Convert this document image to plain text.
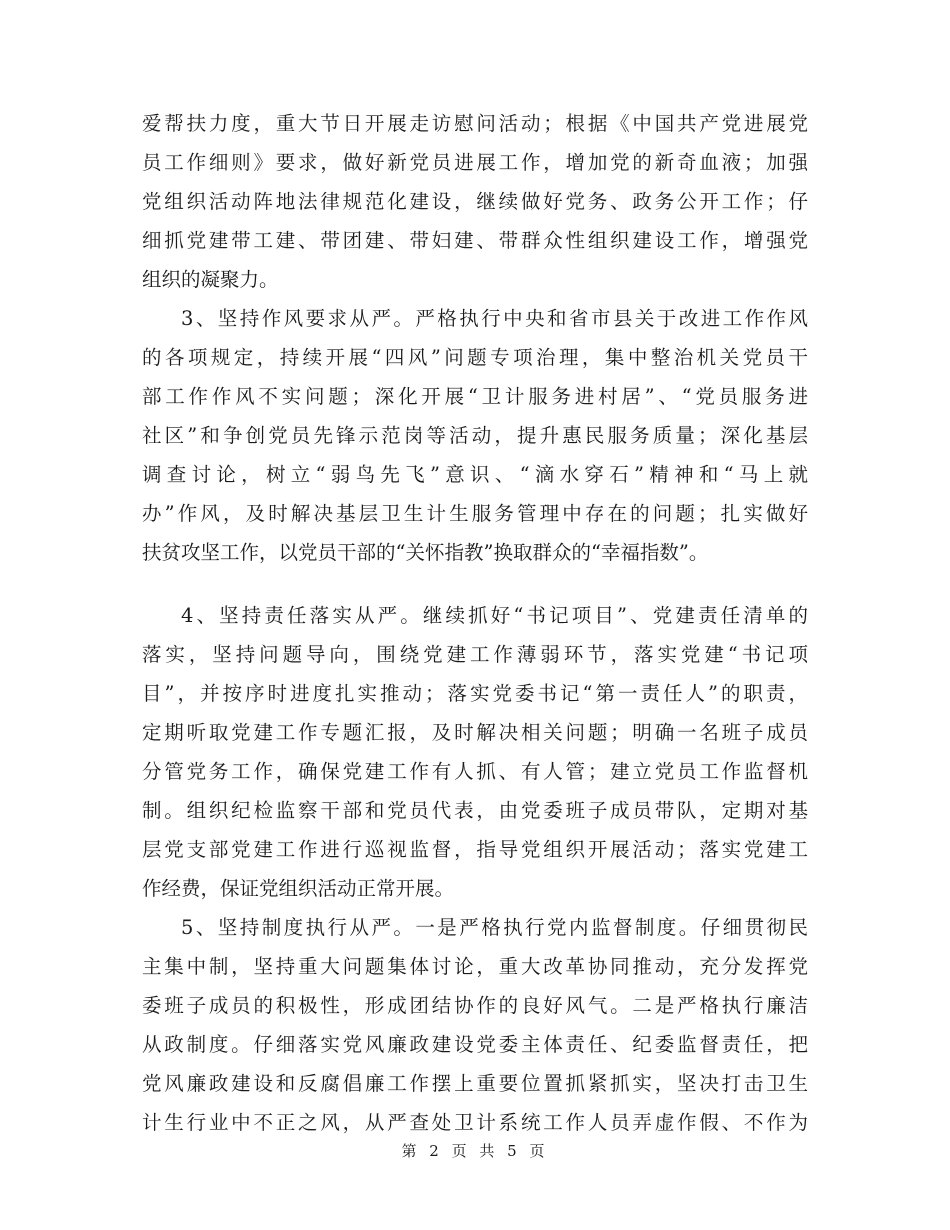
爱帮扶力度，重大节日开展走访慰问活动；根据《中国共产党进展党
员工作细则》要求，做好新党员进展工作，增加党的新奇血液；加强
党组织活动阵地法律规范化建设，继续做好党务、政务公开工作；仔
细抓党建带工建、带团建、带妇建、带群众性组织建设工作，增强党
组织的凝聚力。
3、坚持作风要求从严。严格执行中央和省市县关于改进工作作风
的各项规定，持续开展“四风”问题专项治理，集中整治机关党员干
部工作作风不实问题；深化开展“卫计服务进村居”、“党员服务进
社区”和争创党员先锋示范岗等活动，提升惠民服务质量；深化基层
调查讨论，树立“弱鸟先飞”意识、“滴水穿石”精神和“马上就
办”作风，及时解决基层卫生计生服务管理中存在的问题；扎实做好
扶贫攻坚工作，以党员干部的“关怀指教”换取群众的“幸福指数”。
4、坚持责任落实从严。继续抓好“书记项目”、党建责任清单的
落实，坚持问题导向，围绕党建工作薄弱环节，落实党建“书记项
目”，并按序时进度扎实推动；落实党委书记“第一责任人”的职责，
定期听取党建工作专题汇报，及时解决相关问题；明确一名班子成员
分管党务工作，确保党建工作有人抓、有人管；建立党员工作监督机
制。组织纪检监察干部和党员代表，由党委班子成员带队，定期对基
层党支部党建工作进行巡视监督，指导党组织开展活动；落实党建工
作经费，保证党组织活动正常开展。
5、坚持制度执行从严。一是严格执行党内监督制度。仔细贯彻民
主集中制，坚持重大问题集体讨论，重大改革协同推动，充分发挥党
委班子成员的积极性，形成团结协作的良好风气。二是严格执行廉洁
从政制度。仔细落实党风廉政建设党委主体责任、纪委监督责任，把
党风廉政建设和反腐倡廉工作摆上重要位置抓紧抓实，坚决打击卫生
计生行业中不正之风，从严查处卫计系统工作人员弄虚作假、不作为
第 2 页 共 5 页
